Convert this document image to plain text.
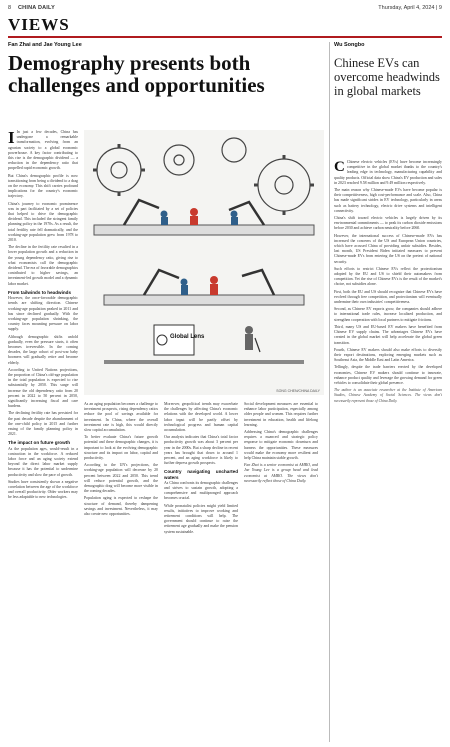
8 CHINA DAILY	Thursday, April 4, 2024 | 9
VIEWS
Fan Zhai and Jae Young Lee
Demography presents both challenges and opportunities

I In just a few decades, China has undergone a remarkable transformation, evolving from an agrarian society to a global economic powerhouse. A key factor contributing to this rise is the demographic dividend — a reduction in the dependency ratio that propelled rapid economic growth.

But China's demographic profile is now transitioning from being a dividend to a drag on the economy. This shift carries profound implications for the country's economic trajectory.

China's journey to economic prominence was in part facilitated by a set of policies that helped to drive the demographic dividend. This included the stringent family planning policy in the 1970s. As a result, the total fertility rate fell dramatically, and the working-age population grew from 1978 to 2010.

The decline in the fertility rate resulted in a lower population growth and a reduction in the young dependency ratio, giving rise to what economists call the demographic dividend. The era of favorable demographics contributed to higher savings, an investment-led growth model and a dynamic labor market.

From tailwinds to headwinds

However, the once-favorable demographic trends are shifting direction. Chinese working-age population peaked in 2011 and has since declined gradually. With the working-age population shrinking, the country faces mounting pressure on labor supply.

Although demographic shifts unfold gradually, even the pressure starts, it often becomes irreversible. In the coming decades, the large cohort of post-war baby boomers will gradually retire and become elderly.

According to United Nations projections, the proportion of China's old-age population in the total population is expected to rise substantially by 2050. This surge will increase the old dependency ratio from 20 percent in 2022 to 50 percent in 2050, significantly increasing fiscal and care burdens.

The declining fertility rate has persisted for the past decade despite the abandonment of the one-child policy in 2015 and further easing of the family planning policy in 2021.

The impact on future growth

As the population ages, would-result in a contraction in the workforce. A reduced labor force and an aging society extend beyond the direct labor market supply because it has the potential to undermine productivity and slow the pace of growth.

Studies have consistently shown a negative correlation between the age of the workforce and overall productivity. Older workers may be less adaptable to new technologies.

Global Lens
SONG CHEN/CHINA DAILY

As an aging population becomes a challenge to investment prospects, rising dependency ratios reduce the pool of savings available for investment. In China, where the overall investment rate is high, this would directly slow capital accumulation.

To better evaluate China's future growth potential and these demographic changes, it is important to look at the evolving demographic structure and its impact on labor, capital and productivity.

According to the UN's projections, the working-age population will decrease by 20 percent between 2022 and 2050. This trend will reduce potential growth, and the demographic drag will become more visible in the coming decades.

Population aging is expected to reshape the structure of demand, thereby dampening savings and investment. Nevertheless, it may also create new opportunities.

Moreover, geopolitical trends may exacerbate the challenges by affecting China's economic relations with the developed world. A lower labor input will be partly offset by technological progress and human capital accumulation.

Our analysis indicates that China's total factor productivity growth was about 3 percent per year in the 2000s. But a sharp decline in recent years has brought that down to around 1 percent, and an aging workforce is likely to further depress growth prospects.

Country navigating uncharted waters

As China confronts its demographic challenges and strives to sustain growth, adopting a comprehensive and multipronged approach becomes crucial.

While pronatalist policies might yield limited results, initiatives to improve working and retirement conditions will help. The government should continue to raise the retirement age gradually and make the pension system sustainable.

Social development measures are essential to enhance labor participation, especially among older people and women. This requires further investment in education, health and lifelong learning.

Addressing China's demographic challenges requires a nuanced and strategic policy response to mitigate economic downturn and harness the opportunities. These measures would make the economy more resilient and help China maintain stable growth.

Fan Zhai is a senior economist at AMRO, and Jae Young Lee is a group head and lead economist at AMRO. The views don't necessarily reflect those of China Daily.

Wu Songbo
Chinese EVs can overcome headwinds in global markets

C Chinese electric vehicles (EVs) have become increasingly competitive in the global market thanks to the country's leading edge in technology, manufacturing capability and quality products. Official data show China's EV production and sales in 2023 reached 9.58 million and 9.49 million respectively.

The main reason why Chinese-made EVs have become popular is their competitiveness, high cost-performance and scale. Also, China has made significant strides in EV technology, particularly in areas such as battery technology, electric drive systems and intelligent connectivity.

China's shift toward electric vehicles is largely driven by its environmental commitments — to peak its carbon dioxide emissions before 2030 and achieve carbon neutrality before 2060.

However, the international success of Chinese-made EVs has increased the concerns of the US and European Union countries, which have accused China of providing unfair subsidies. Besides, last month, US President Biden initiated measures to prevent Chinese-made EVs from entering the US on the pretext of national security.

Such efforts to restrict Chinese EVs reflect the protectionism adopted by the EU and US to shield their automakers from competition. Yet the rise of Chinese EVs is the result of the market's choice, not subsidies alone.

First, both the EU and US should recognize that Chinese EVs have evolved through free competition, and protectionism will eventually undermine their own industries' competitiveness.

Second, as Chinese EV exports grow, the companies should adhere to international trade rules, increase localized production, and strengthen cooperation with local partners to mitigate frictions.

Third, many US and EU-based EV makers have benefited from Chinese EV supply chains. The advantages Chinese EVs have created in the global market will help accelerate the global green transition.

Fourth, Chinese EV makers should also make efforts to diversify their export destinations, exploring emerging markets such as Southeast Asia, the Middle East and Latin America.

Tellingly, despite the trade barriers erected by the developed economies, Chinese EV makers should continue to innovate, enhance product quality and leverage the growing demand for green vehicles to consolidate their global presence.

The author is an associate researcher at the Institute of American Studies, Chinese Academy of Social Sciences. The views don't necessarily represent those of China Daily.
